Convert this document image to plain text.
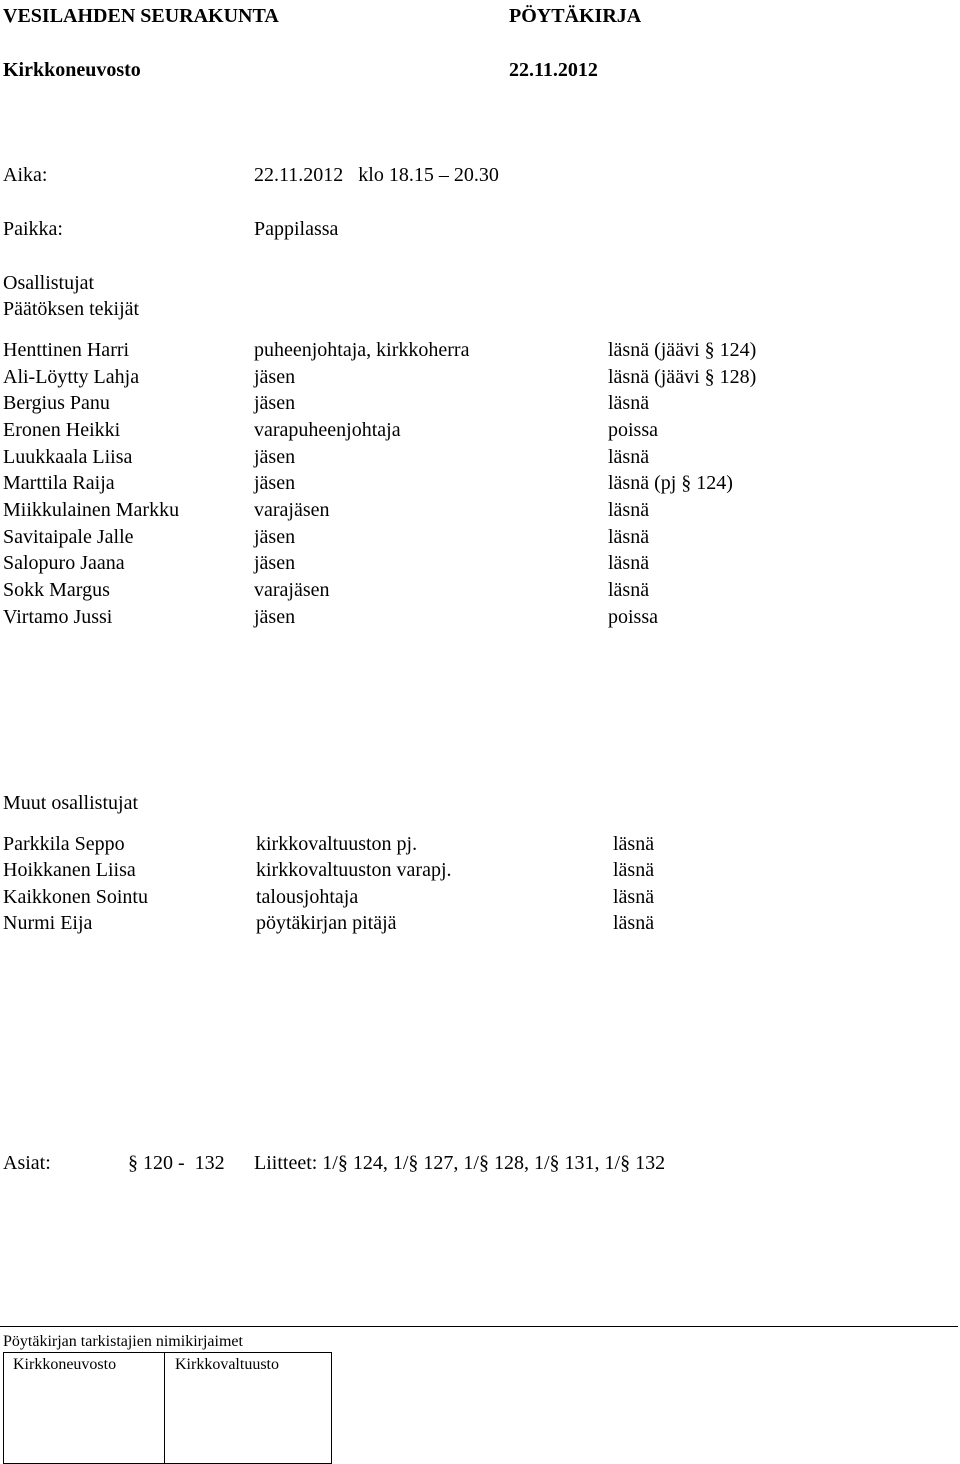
VESILAHDEN SEURAKUNTA	PÖYTÄKIRJA
Kirkkoneuvosto	22.11.2012
Aika:	22.11.2012   klo 18.15 – 20.30
Paikka:	Pappilassa
Osallistujat
Päätöksen tekijät
Henttinen Harri	puheenjohtaja, kirkkoherra	läsnä (jäävi § 124)
Ali-Löytty Lahja	jäsen	läsnä (jäävi § 128)
Bergius Panu	jäsen	läsnä
Eronen Heikki	varapuheenjohtaja	poissa
Luukkaala Liisa	jäsen	läsnä
Marttila Raija	jäsen	läsnä (pj § 124)
Miikkulainen Markku	varajäsen	läsnä
Savitaipale Jalle	jäsen	läsnä
Salopuro Jaana	jäsen	läsnä
Sokk Margus	varajäsen	läsnä
Virtamo Jussi	jäsen	poissa
Muut osallistujat
Parkkila Seppo	kirkkovaltuuston pj.	läsnä
Hoikkanen Liisa	kirkkovaltuuston varapj.	läsnä
Kaikkonen Sointu	talousjohtaja	läsnä
Nurmi Eija	pöytäkirjan pitäjä	läsnä
Asiat:	§ 120 -  132 Liitteet: 1/§ 124, 1/§ 127, 1/§ 128, 1/§ 131, 1/§ 132
Pöytäkirjan tarkistajien nimikirjaimet
Kirkkoneuvosto	Kirkkovaltuusto
